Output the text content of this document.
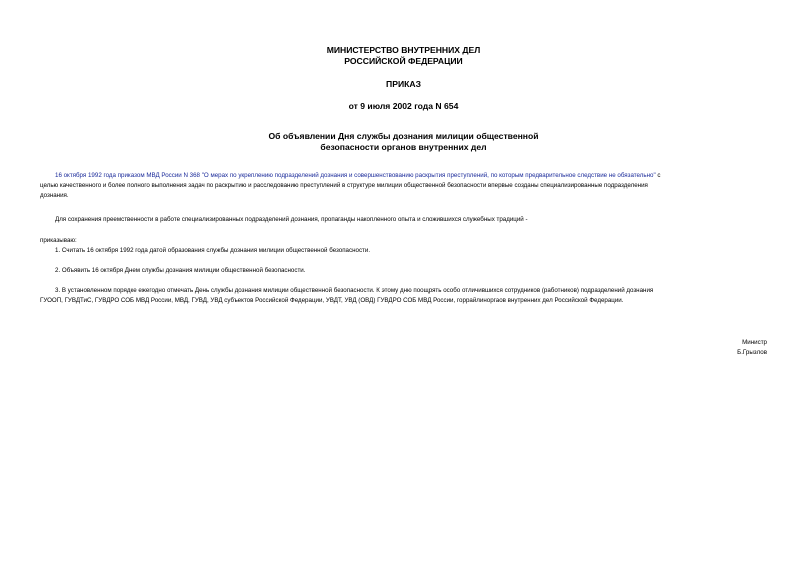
МИНИСТЕРСТВО ВНУТРЕННИХ ДЕЛ
РОССИЙСКОЙ ФЕДЕРАЦИИ
ПРИКАЗ
от 9 июля 2002 года N 654
Об объявлении Дня службы дознания милиции общественной
безопасности органов внутренних дел
16 октября 1992 года приказом МВД России N 368 "О мерах по укреплению подразделений дознания и совершенствованию раскрытия преступлений, по которым предварительное следствие не обязательно" с
целью качественного и более полного выполнения задач по раскрытию и расследованию преступлений в структуре милиции общественной безопасности впервые созданы специализированные подразделения
дознания.
Для сохранения преемственности в работе специализированных подразделений дознания, пропаганды накопленного опыта и сложившихся служебных традиций -
приказываю:
1. Считать 16 октября 1992 года датой образования службы дознания милиции общественной безопасности.
2. Объявить 16 октября Днем службы дознания милиции общественной безопасности.
3. В установленном порядке ежегодно отмечать День службы дознания милиции общественной безопасности. К этому дню поощрять особо отличившихся сотрудников (работников) подразделений дознания
ГУООП, ГУВДТиС, ГУВДРО СОБ МВД России, МВД, ГУВД, УВД субъектов Российской Федерации, УВДТ, УВД (ОВД) ГУВДРО СОБ МВД России, горрайлиноргаов внутренних дел Российской Федерации.
Министр
Б.Грызлов
